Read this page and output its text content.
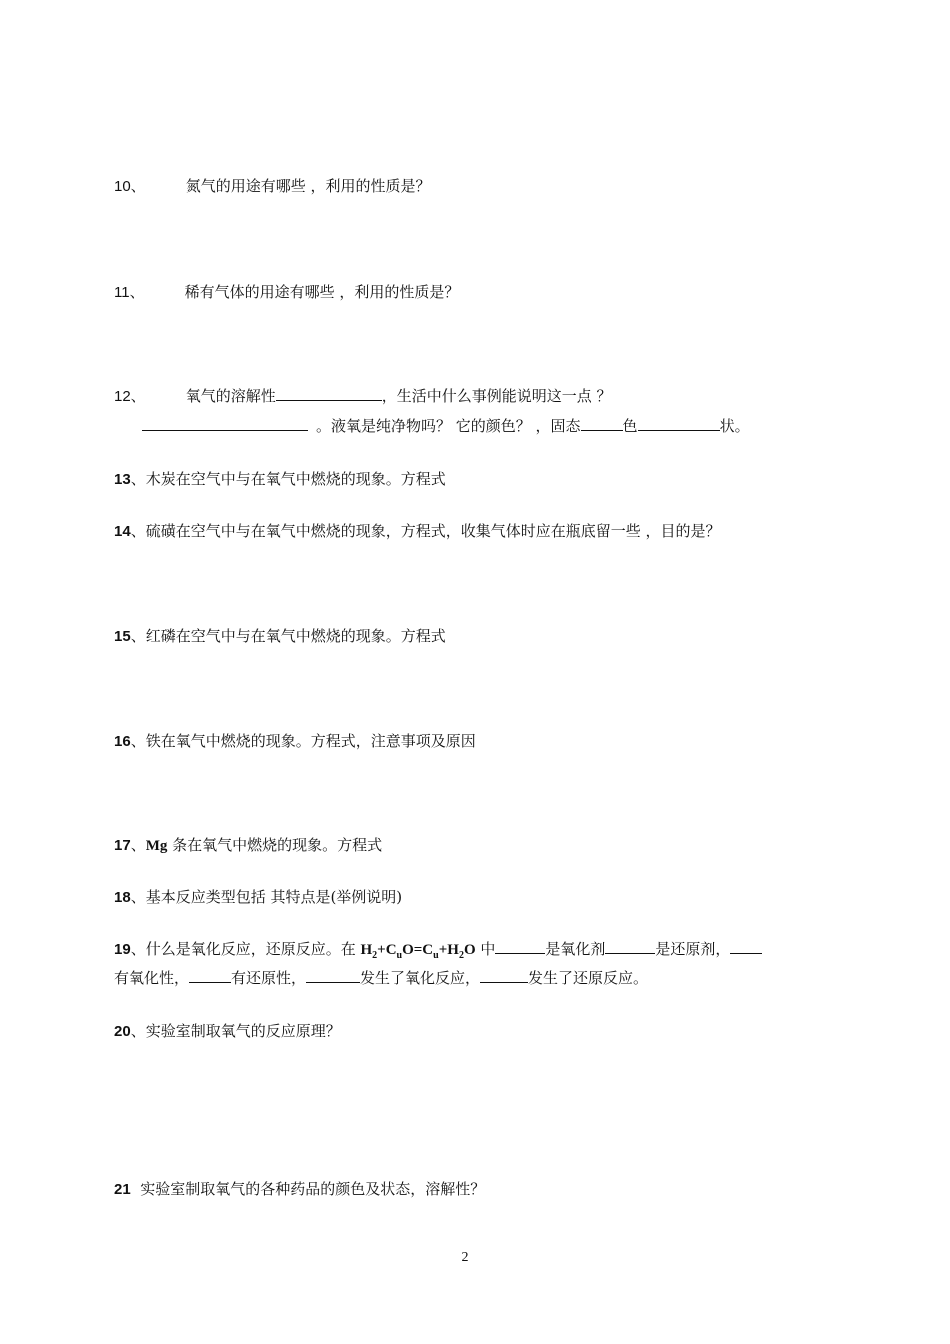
10、	氮气的用途有哪些 ，利用的性质是？
11、	稀有气体的用途有哪些 ，利用的性质是？
12、	氧气的溶解性	，生活中什么事例能说明这一点 ？
。液氧是纯净物吗？ 它的颜色？ ，固态	色	状。
13、木炭在空气中与在氧气中燃烧的现象。方程式
14、硫磺在空气中与在氧气中燃烧的现象，方程式，收集气体时应在瓶底留一些 ，目的是？
15、红磷在空气中与在氧气中燃烧的现象。方程式
16、铁在氧气中燃烧的现象。方程式，注意事项及原因
17、Mg 条在氧气中燃烧的现象。方程式
18、基本反应类型包括 其特点是(举例说明)
19、什么是氧化反应，还原反应。在 $H_2+C_uO=C_u+H_2O$ 中	是氧化剂	是还原剂，
有氧化性，	有还原性，	发生了氧化反应，	发生了还原反应。
20、实验室制取氧气的反应原理？
21  实验室制取氧气的各种药品的颜色及状态，溶解性？
2
